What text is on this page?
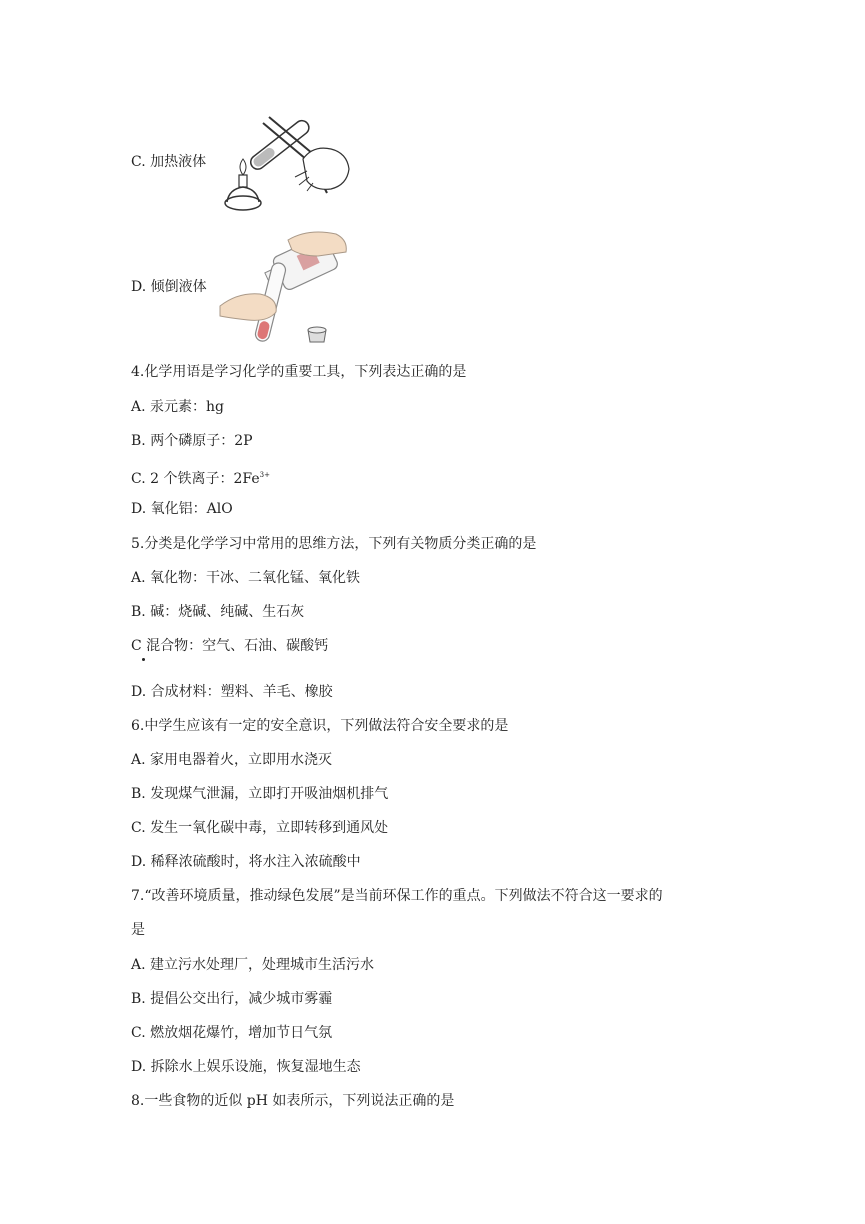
C. 加热液体
D. 倾倒液体
4.化学用语是学习化学的重要工具，下列表达正确的是
A. 汞元素：hg
B. 两个磷原子：2P
C. 2 个铁离子：$2Fe^{3+}$
D. 氧化铝：AlO
5.分类是化学学习中常用的思维方法，下列有关物质分类正确的是
A. 氧化物：干冰、二氧化锰、氧化铁
B. 碱：烧碱、纯碱、生石灰
C 混合物：空气、石油、碳酸钙
D. 合成材料：塑料、羊毛、橡胶
6.中学生应该有一定的安全意识，下列做法符合安全要求的是
A. 家用电器着火，立即用水浇灭
B. 发现煤气泄漏，立即打开吸油烟机排气
C. 发生一氧化碳中毒，立即转移到通风处
D. 稀释浓硫酸时，将水注入浓硫酸中
7.“改善环境质量，推动绿色发展”是当前环保工作的重点。下列做法不符合这一要求的
是
A. 建立污水处理厂，处理城市生活污水
B. 提倡公交出行，减少城市雾霾
C. 燃放烟花爆竹，增加节日气氛
D. 拆除水上娱乐设施，恢复湿地生态
8.一些食物的近似 pH 如表所示，下列说法正确的是
